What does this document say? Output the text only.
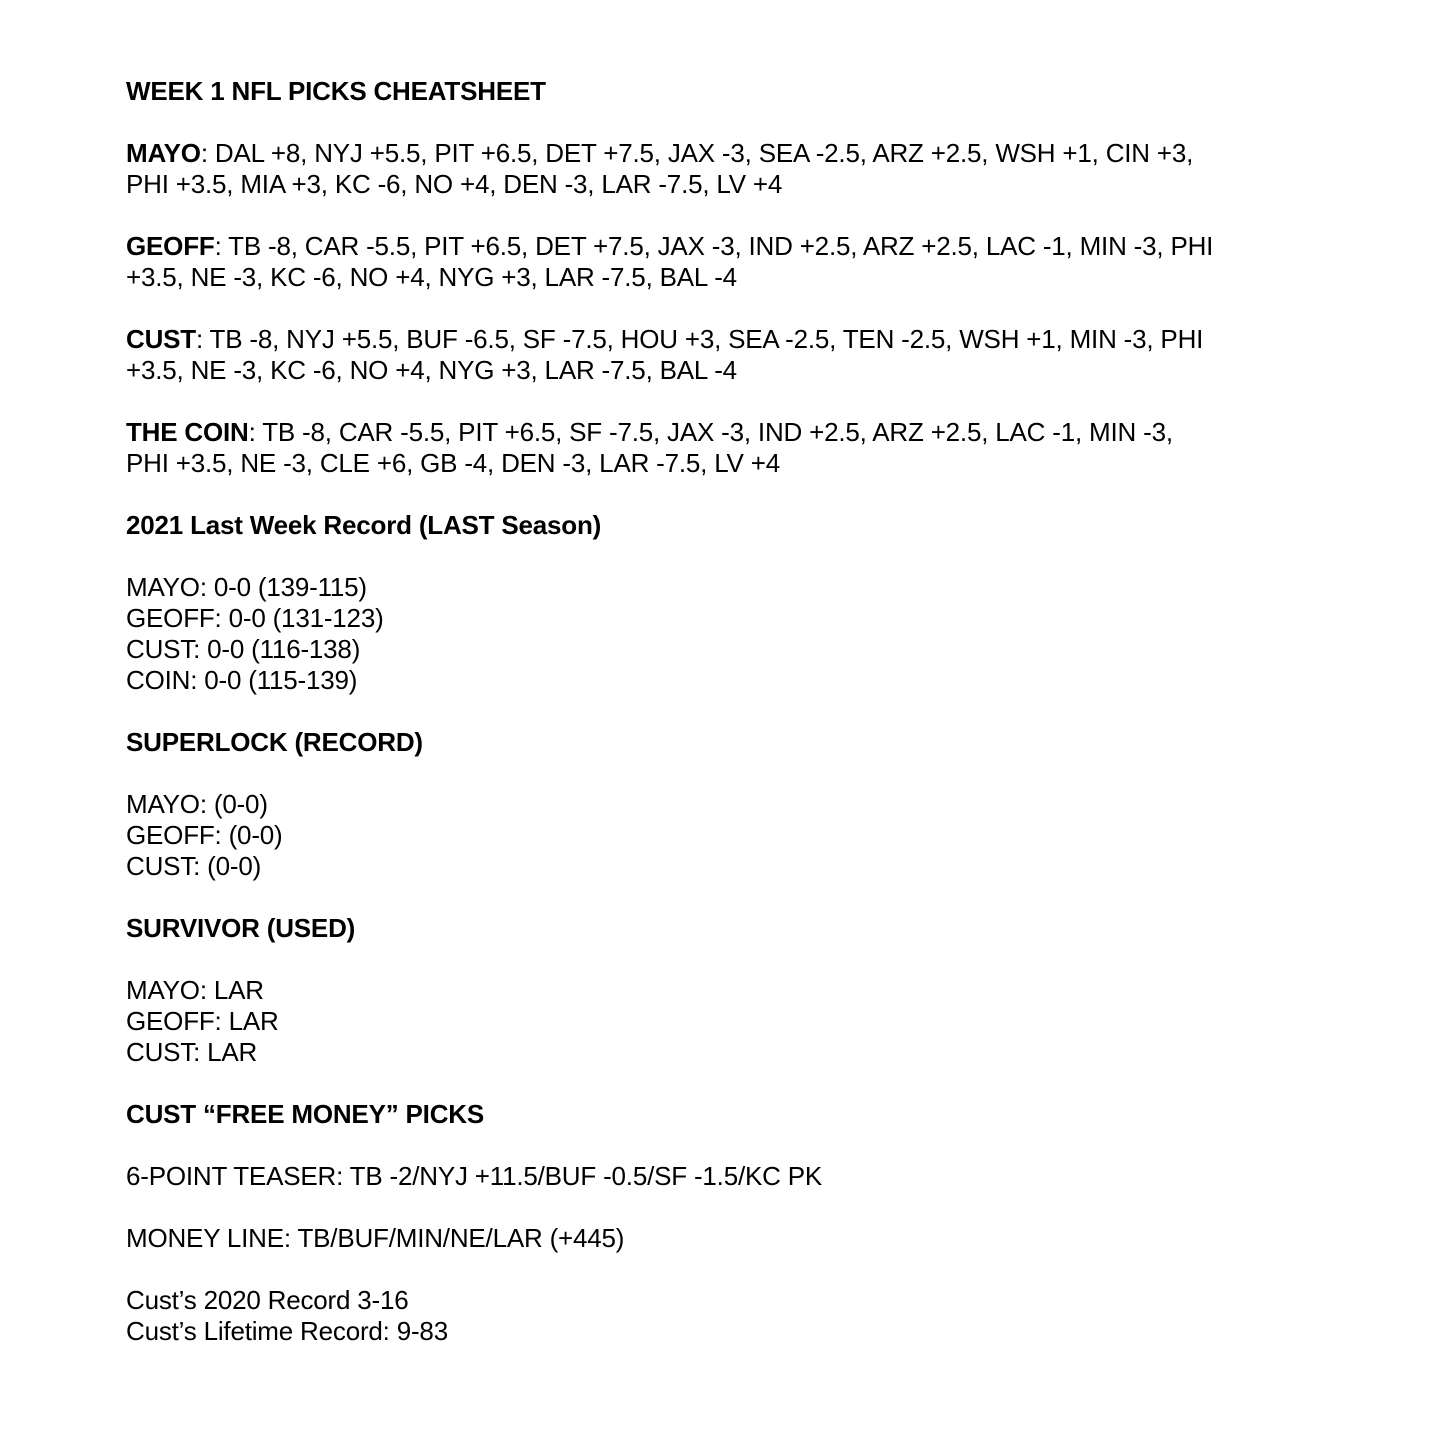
WEEK 1 NFL PICKS CHEATSHEET
MAYO: DAL +8, NYJ +5.5, PIT +6.5, DET +7.5, JAX -3, SEA -2.5, ARZ +2.5, WSH +1, CIN +3,
PHI +3.5, MIA +3, KC -6, NO +4, DEN -3, LAR -7.5, LV +4
GEOFF: TB -8, CAR -5.5, PIT +6.5, DET +7.5, JAX -3, IND +2.5, ARZ +2.5, LAC -1, MIN -3, PHI
+3.5, NE -3, KC -6, NO +4, NYG +3, LAR -7.5, BAL -4
CUST: TB -8, NYJ +5.5, BUF -6.5, SF -7.5, HOU +3, SEA -2.5, TEN -2.5, WSH +1, MIN -3, PHI
+3.5, NE -3, KC -6, NO +4, NYG +3, LAR -7.5, BAL -4
THE COIN: TB -8, CAR -5.5, PIT +6.5, SF -7.5, JAX -3, IND +2.5, ARZ +2.5, LAC -1, MIN -3,
PHI +3.5, NE -3, CLE +6, GB -4, DEN -3, LAR -7.5, LV +4
2021 Last Week Record (LAST Season)
MAYO: 0-0 (139-115)
GEOFF: 0-0 (131-123)
CUST: 0-0 (116-138)
COIN: 0-0 (115-139)
SUPERLOCK (RECORD)
MAYO: (0-0)
GEOFF: (0-0)
CUST: (0-0)
SURVIVOR (USED)
MAYO: LAR
GEOFF: LAR
CUST: LAR
CUST “FREE MONEY” PICKS
6-POINT TEASER: TB -2/NYJ +11.5/BUF -0.5/SF -1.5/KC PK
MONEY LINE: TB/BUF/MIN/NE/LAR (+445)
Cust’s 2020 Record 3-16
Cust’s Lifetime Record: 9-83
